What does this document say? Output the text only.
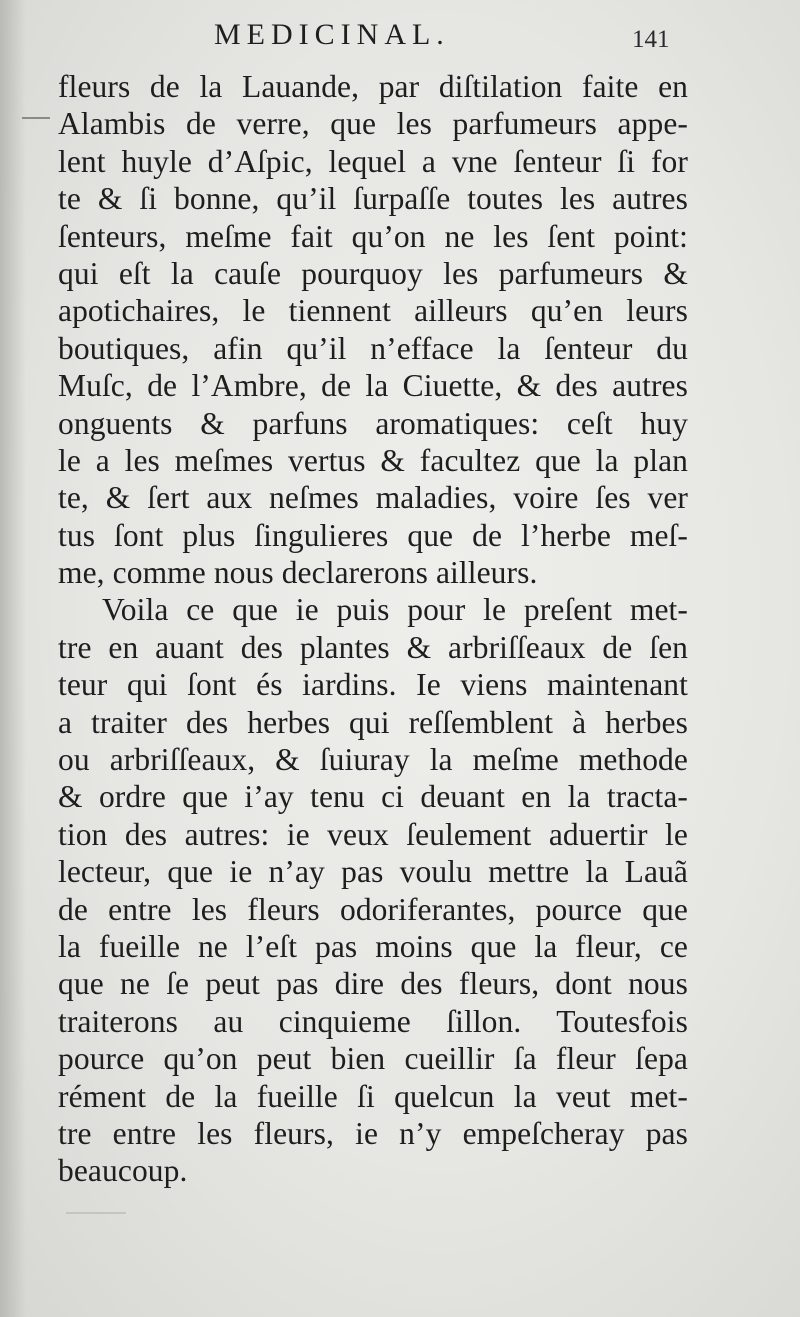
MEDICINAL.	141
fleurs de la Lauande, par diſtilation faite en
Alambis de verre, que les parfumeurs appe-
lent huyle d’Aſpic, lequel a vne ſenteur ſi for
te & ſi bonne, qu’il ſurpaſſe toutes les autres
ſenteurs, meſme fait qu’on ne les ſent point:
qui eſt la cauſe pourquoy les parfumeurs &
apotichaires, le tiennent ailleurs qu’en leurs
boutiques, afin qu’il n’efface la ſenteur du
Muſc, de l’Ambre, de la Ciuette, & des autres
onguents & parfuns aromatiques: ceſt huy
le a les meſmes vertus & facultez que la plan
te, & ſert aux neſmes maladies, voire ſes ver
tus ſont plus ſingulieres que de l’herbe meſ-
me, comme nous declarerons ailleurs.
Voila ce que ie puis pour le preſent met-
tre en auant des plantes & arbriſſeaux de ſen
teur qui ſont és iardins. Ie viens maintenant
a traiter des herbes qui reſſemblent à herbes
ou arbriſſeaux, & ſuiuray la meſme methode
& ordre que i’ay tenu ci deuant en la tracta-
tion des autres: ie veux ſeulement aduertir le
lecteur, que ie n’ay pas voulu mettre la Lauã
de entre les fleurs odoriferantes, pource que
la fueille ne l’eſt pas moins que la fleur, ce
que ne ſe peut pas dire des fleurs, dont nous
traiterons au cinquieme ſillon. Toutesfois
pource qu’on peut bien cueillir ſa fleur ſepa
rément de la fueille ſi quelcun la veut met-
tre entre les fleurs, ie n’y empeſcheray pas
beaucoup.
